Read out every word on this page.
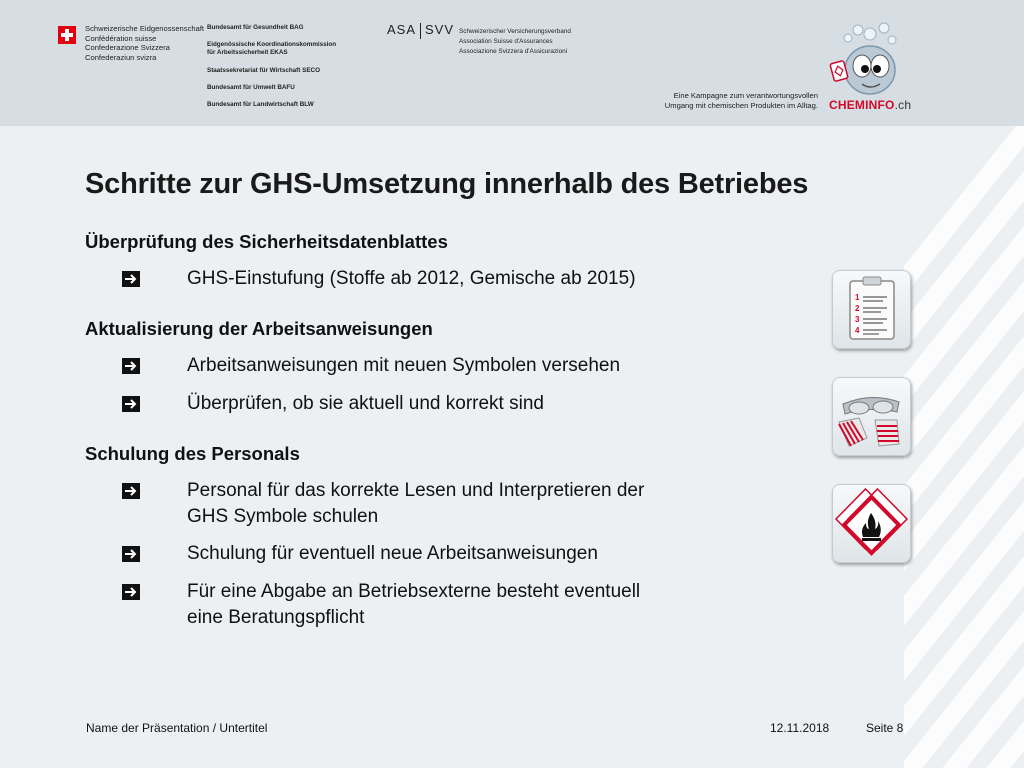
Schweizerische Eidgenossenschaft
Confédération suisse
Confederazione Svizzera
Confederaziun svizra
Bundesamt für Gesundheit BAG
Eidgenössische Koordinationskommission
für Arbeitssicherheit EKAS
Staatssekretariat für Wirtschaft SECO
Bundesamt für Umwelt BAFU
Bundesamt für Landwirtschaft BLW
ASA SVV Schweizerischer Versicherungsverband
Association Suisse d'Assurances
Associazione Svizzera d'Assicurazioni
Eine Kampagne zum verantwortungsvollen
Umgang mit chemischen Produkten im Alltag. CHEMINFO.ch
Schritte zur GHS-Umsetzung innerhalb des Betriebes
Überprüfung des Sicherheitsdatenblattes
GHS-Einstufung (Stoffe ab 2012, Gemische ab 2015)
Aktualisierung der Arbeitsanweisungen
Arbeitsanweisungen mit neuen Symbolen versehen
Überprüfen, ob sie aktuell und korrekt sind
Schulung des Personals
Personal für das korrekte Lesen und Interpretieren der
GHS Symbole schulen
Schulung für eventuell neue Arbeitsanweisungen
Für eine Abgabe an Betriebsexterne besteht eventuell
eine Beratungspflicht
1
2
3
4
Name der Präsentation / Untertitel	12.11.2018	Seite 8
